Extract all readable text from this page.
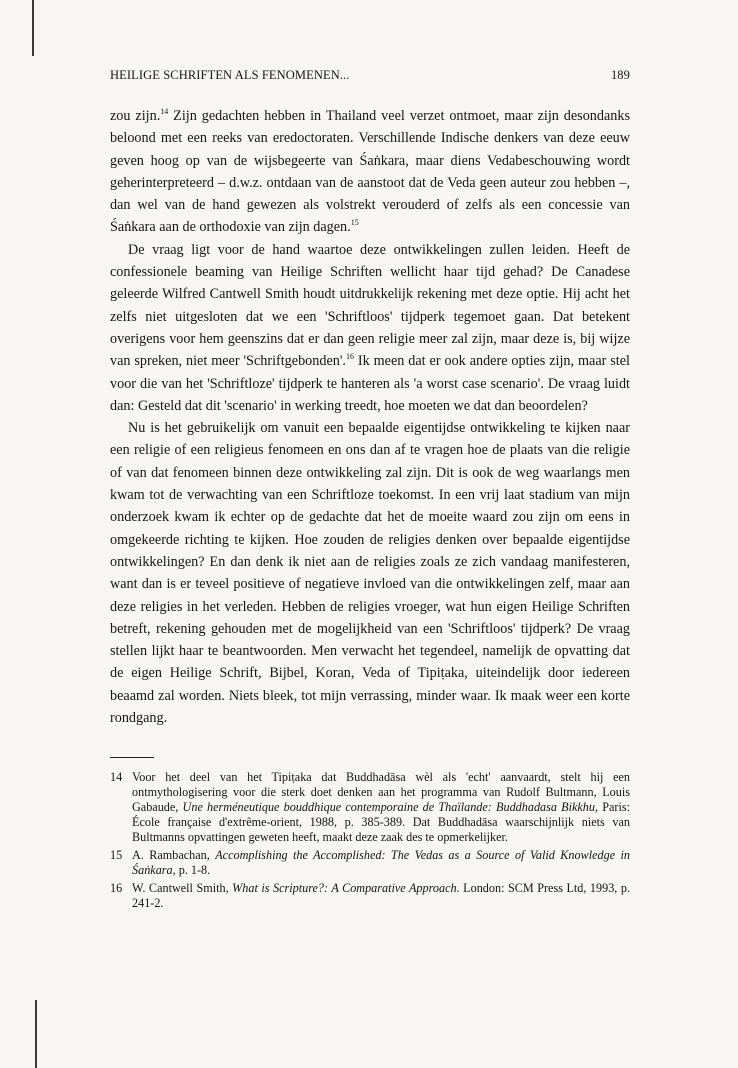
HEILIGE SCHRIFTEN ALS FENOMENEN...	189

zou zijn.$^{14}$ Zijn gedachten hebben in Thailand veel verzet ontmoet, maar zijn desondanks beloond met een reeks van eredoctoraten. Verschillende Indische denkers van deze eeuw geven hoog op van de wijsbegeerte van Śaṅkara, maar diens Vedabeschouwing wordt geherinterpreteerd – d.w.z. ontdaan van de aanstoot dat de Veda geen auteur zou hebben –, dan wel van de hand gewezen als volstrekt verouderd of zelfs als een concessie van Śaṅkara aan de orthodoxie van zijn dagen.$^{15}$

De vraag ligt voor de hand waartoe deze ontwikkelingen zullen leiden. Heeft de confessionele beaming van Heilige Schriften wellicht haar tijd gehad? De Canadese geleerde Wilfred Cantwell Smith houdt uitdrukkelijk rekening met deze optie. Hij acht het zelfs niet uitgesloten dat we een 'Schriftloos' tijdperk tegemoet gaan. Dat betekent overigens voor hem geenszins dat er dan geen religie meer zal zijn, maar deze is, bij wijze van spreken, niet meer 'Schriftgebonden'.$^{16}$ Ik meen dat er ook andere opties zijn, maar stel voor die van het 'Schriftloze' tijdperk te hanteren als 'a worst case scenario'. De vraag luidt dan: Gesteld dat dit 'scenario' in werking treedt, hoe moeten we dat dan beoordelen?

Nu is het gebruikelijk om vanuit een bepaalde eigentijdse ontwikkeling te kijken naar een religie of een religieus fenomeen en ons dan af te vragen hoe de plaats van die religie of van dat fenomeen binnen deze ontwikkeling zal zijn. Dit is ook de weg waarlangs men kwam tot de verwachting van een Schriftloze toekomst. In een vrij laat stadium van mijn onderzoek kwam ik echter op de gedachte dat het de moeite waard zou zijn om eens in omgekeerde richting te kijken. Hoe zouden de religies denken over bepaalde eigentijdse ontwikkelingen? En dan denk ik niet aan de religies zoals ze zich vandaag manifesteren, want dan is er teveel positieve of negatieve invloed van die ontwikkelingen zelf, maar aan deze religies in het verleden. Hebben de religies vroeger, wat hun eigen Heilige Schriften betreft, rekening gehouden met de mogelijkheid van een 'Schriftloos' tijdperk? De vraag stellen lijkt haar te beantwoorden. Men verwacht het tegendeel, namelijk de opvatting dat de eigen Heilige Schrift, Bijbel, Koran, Veda of Tipiṭaka, uiteindelijk door iedereen beaamd zal worden. Niets bleek, tot mijn verrassing, minder waar. Ik maak weer een korte rondgang.

14 Voor het deel van het Tipiṭaka dat Buddhadāsa wèl als 'echt' aanvaardt, stelt hij een ontmythologisering voor die sterk doet denken aan het programma van Rudolf Bultmann, Louis Gabaude, Une herméneutique bouddhique contemporaine de Thaïlande: Buddhadasa Bikkhu, Paris: École française d'extrême-orient, 1988, p. 385-389. Dat Buddhadāsa waarschijnlijk niets van Bultmanns opvattingen geweten heeft, maakt deze zaak des te opmerkelijker.
15 A. Rambachan, Accomplishing the Accomplished: The Vedas as a Source of Valid Knowledge in Śaṅkara, p. 1-8.
16 W. Cantwell Smith, What is Scripture?: A Comparative Approach. London: SCM Press Ltd, 1993, p. 241-2.
